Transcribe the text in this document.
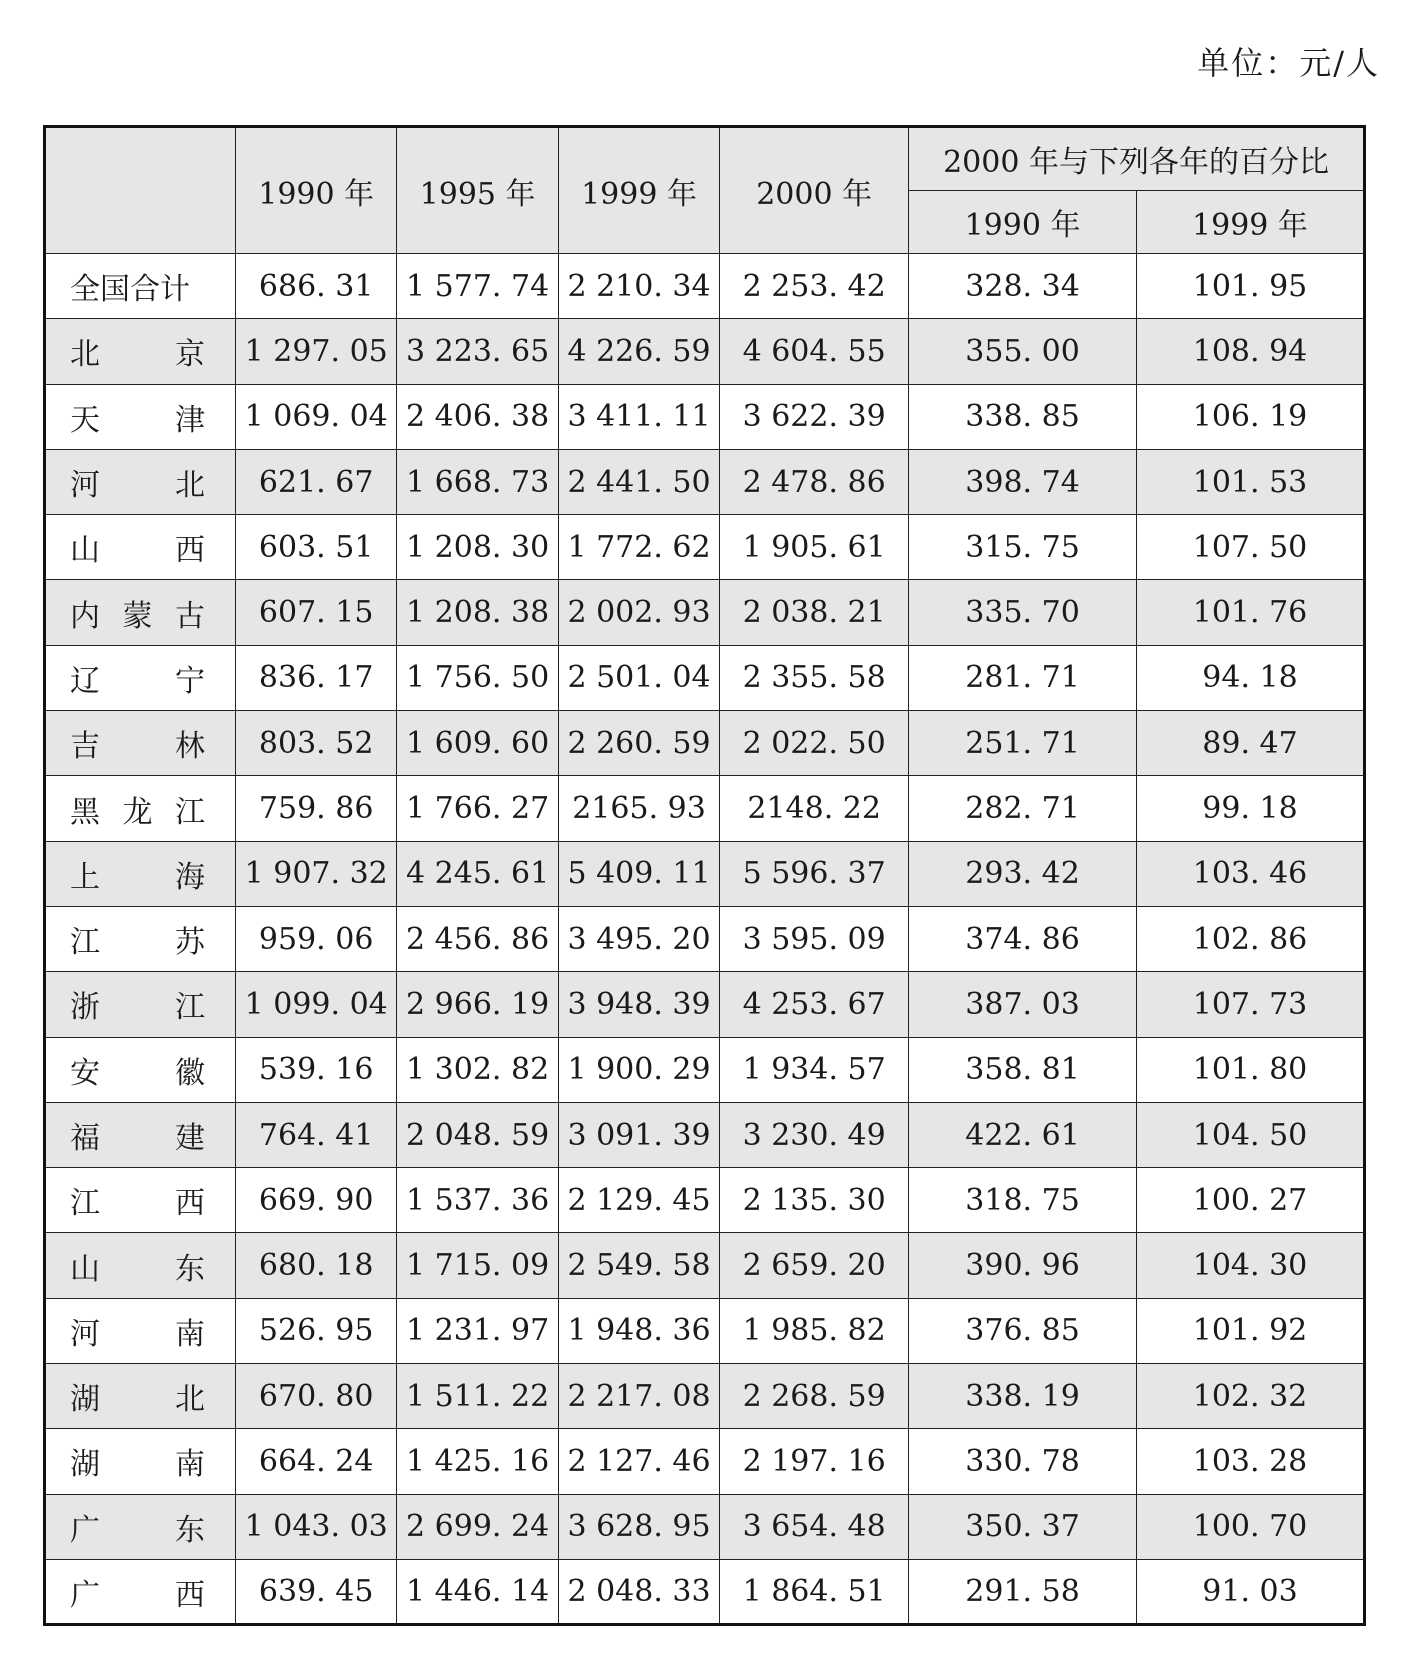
单位：元/人
	1990 年	1995 年	1999 年	2000 年	2000 年与下列各年的百分比	
					1990 年	1999 年

全国合计	686. 31	1 577. 74	2 210. 34	2 253. 42	328. 34	101. 95

北 京	1 297. 05	3 223. 65	4 226. 59	4 604. 55	355. 00	108. 94

天 津	1 069. 04	2 406. 38	3 411. 11	3 622. 39	338. 85	106. 19

河 北	621. 67	1 668. 73	2 441. 50	2 478. 86	398. 74	101. 53

山 西	603. 51	1 208. 30	1 772. 62	1 905. 61	315. 75	107. 50

内 蒙 古	607. 15	1 208. 38	2 002. 93	2 038. 21	335. 70	101. 76

辽 宁	836. 17	1 756. 50	2 501. 04	2 355. 58	281. 71	94. 18

吉 林	803. 52	1 609. 60	2 260. 59	2 022. 50	251. 71	89. 47

黑 龙 江	759. 86	1 766. 27	2165. 93	2148. 22	282. 71	99. 18

上 海	1 907. 32	4 245. 61	5 409. 11	5 596. 37	293. 42	103. 46

江 苏	959. 06	2 456. 86	3 495. 20	3 595. 09	374. 86	102. 86

浙 江	1 099. 04	2 966. 19	3 948. 39	4 253. 67	387. 03	107. 73

安 徽	539. 16	1 302. 82	1 900. 29	1 934. 57	358. 81	101. 80

福 建	764. 41	2 048. 59	3 091. 39	3 230. 49	422. 61	104. 50

江 西	669. 90	1 537. 36	2 129. 45	2 135. 30	318. 75	100. 27

山 东	680. 18	1 715. 09	2 549. 58	2 659. 20	390. 96	104. 30

河 南	526. 95	1 231. 97	1 948. 36	1 985. 82	376. 85	101. 92

湖 北	670. 80	1 511. 22	2 217. 08	2 268. 59	338. 19	102. 32

湖 南	664. 24	1 425. 16	2 127. 46	2 197. 16	330. 78	103. 28

广 东	1 043. 03	2 699. 24	3 628. 95	3 654. 48	350. 37	100. 70

广 西	639. 45	1 446. 14	2 048. 33	1 864. 51	291. 58	91. 03
